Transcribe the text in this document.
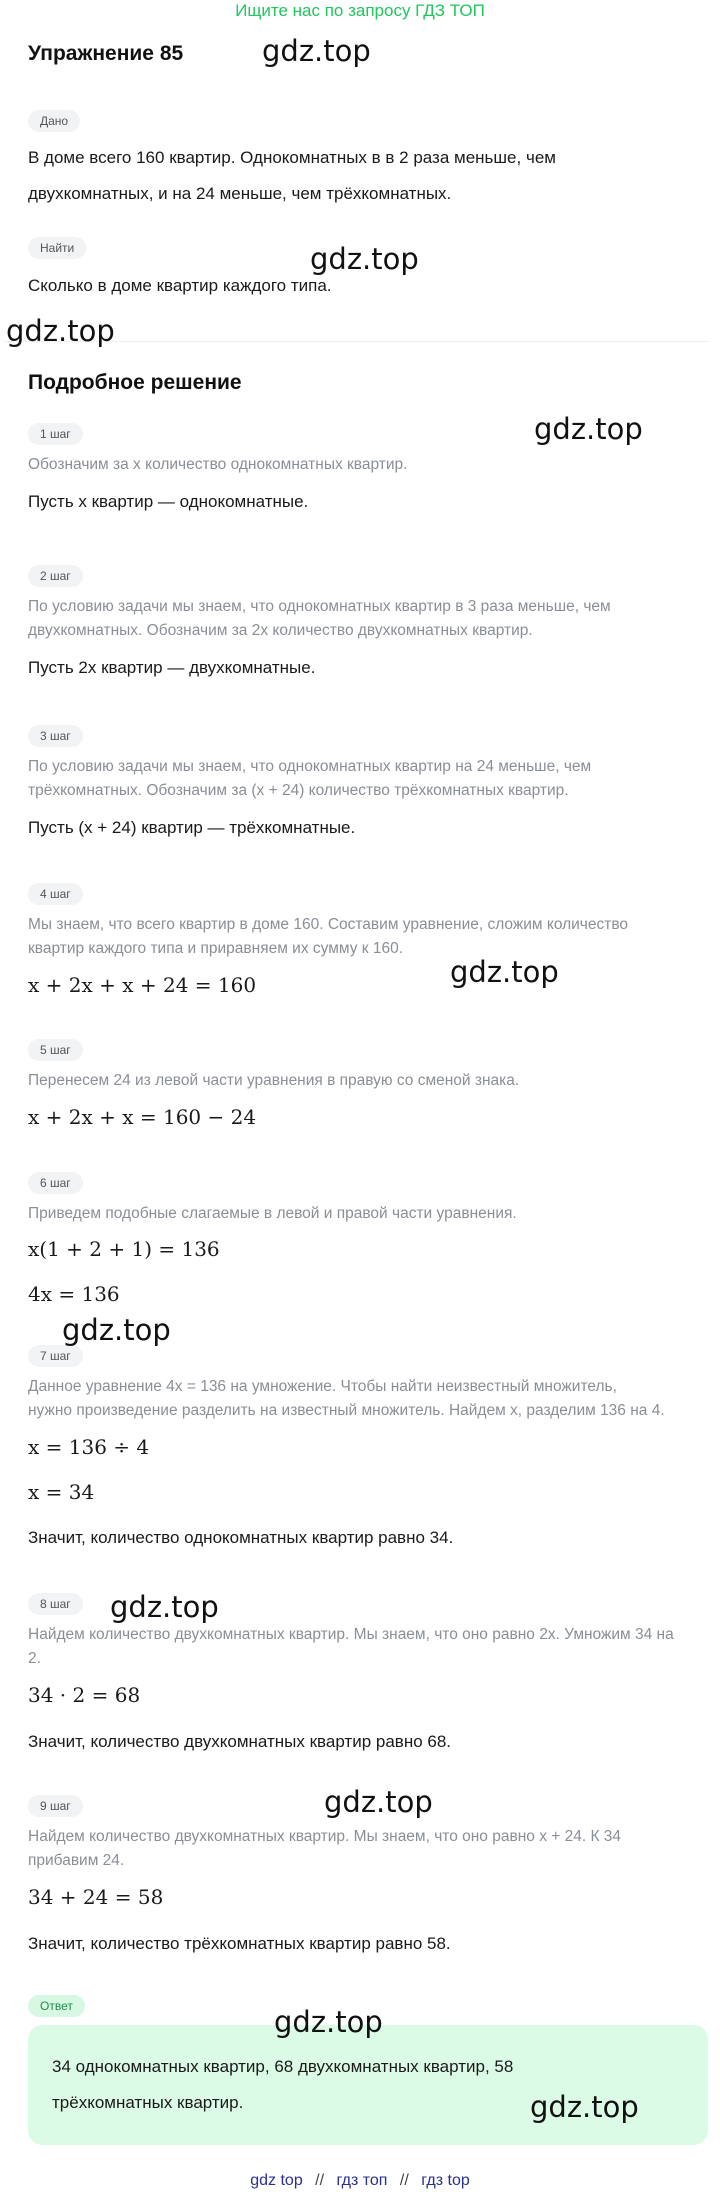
Ищите нас по запросу ГДЗ ТОП
Упражнение 85
Дано
В доме всего 160 квартир. Однокомнатных в в 2 раза меньше, чем
двухкомнатных, и на 24 меньше, чем трёхкомнатных.
Найти
Сколько в доме квартир каждого типа.
Подробное решение
1 шаг
Обозначим за x количество однокомнатных квартир.
Пусть x квартир — однокомнатные.
2 шаг
По условию задачи мы знаем, что однокомнатных квартир в 3 раза меньше, чем
двухкомнатных. Обозначим за 2x количество двухкомнатных квартир.
Пусть 2x квартир — двухкомнатные.
3 шаг
По условию задачи мы знаем, что однокомнатных квартир на 24 меньше, чем
трёхкомнатных. Обозначим за (x + 24) количество трёхкомнатных квартир.
Пусть (x + 24) квартир — трёхкомнатные.
4 шаг
Мы знаем, что всего квартир в доме 160. Составим уравнение, сложим количество
квартир каждого типа и приравняем их сумму к 160.
x + 2x + x + 24 = 160
5 шаг
Перенесем 24 из левой части уравнения в правую со сменой знака.
x + 2x + x = 160 − 24
6 шаг
Приведем подобные слагаемые в левой и правой части уравнения.
x(1 + 2 + 1) = 136
4x = 136
7 шаг
Данное уравнение 4x = 136 на умножение. Чтобы найти неизвестный множитель,
нужно произведение разделить на известный множитель. Найдем x, разделим 136 на 4.
x = 136 ÷ 4
x = 34
Значит, количество однокомнатных квартир равно 34.
8 шаг
Найдем количество двухкомнатных квартир. Мы знаем, что оно равно 2x. Умножим 34 на
2.
34 · 2 = 68
Значит, количество двухкомнатных квартир равно 68.
9 шаг
Найдем количество двухкомнатных квартир. Мы знаем, что оно равно x + 24. К 34
прибавим 24.
34 + 24 = 58
Значит, количество трёхкомнатных квартир равно 58.
Ответ
34 однокомнатных квартир, 68 двухкомнатных квартир, 58
трёхкомнатных квартир.
gdz.top
gdz.top
gdz.top
gdz.top
gdz.top
gdz.top
gdz.top
gdz.top
gdz.top
gdz.top
gdz top // гдз топ // гдз top
